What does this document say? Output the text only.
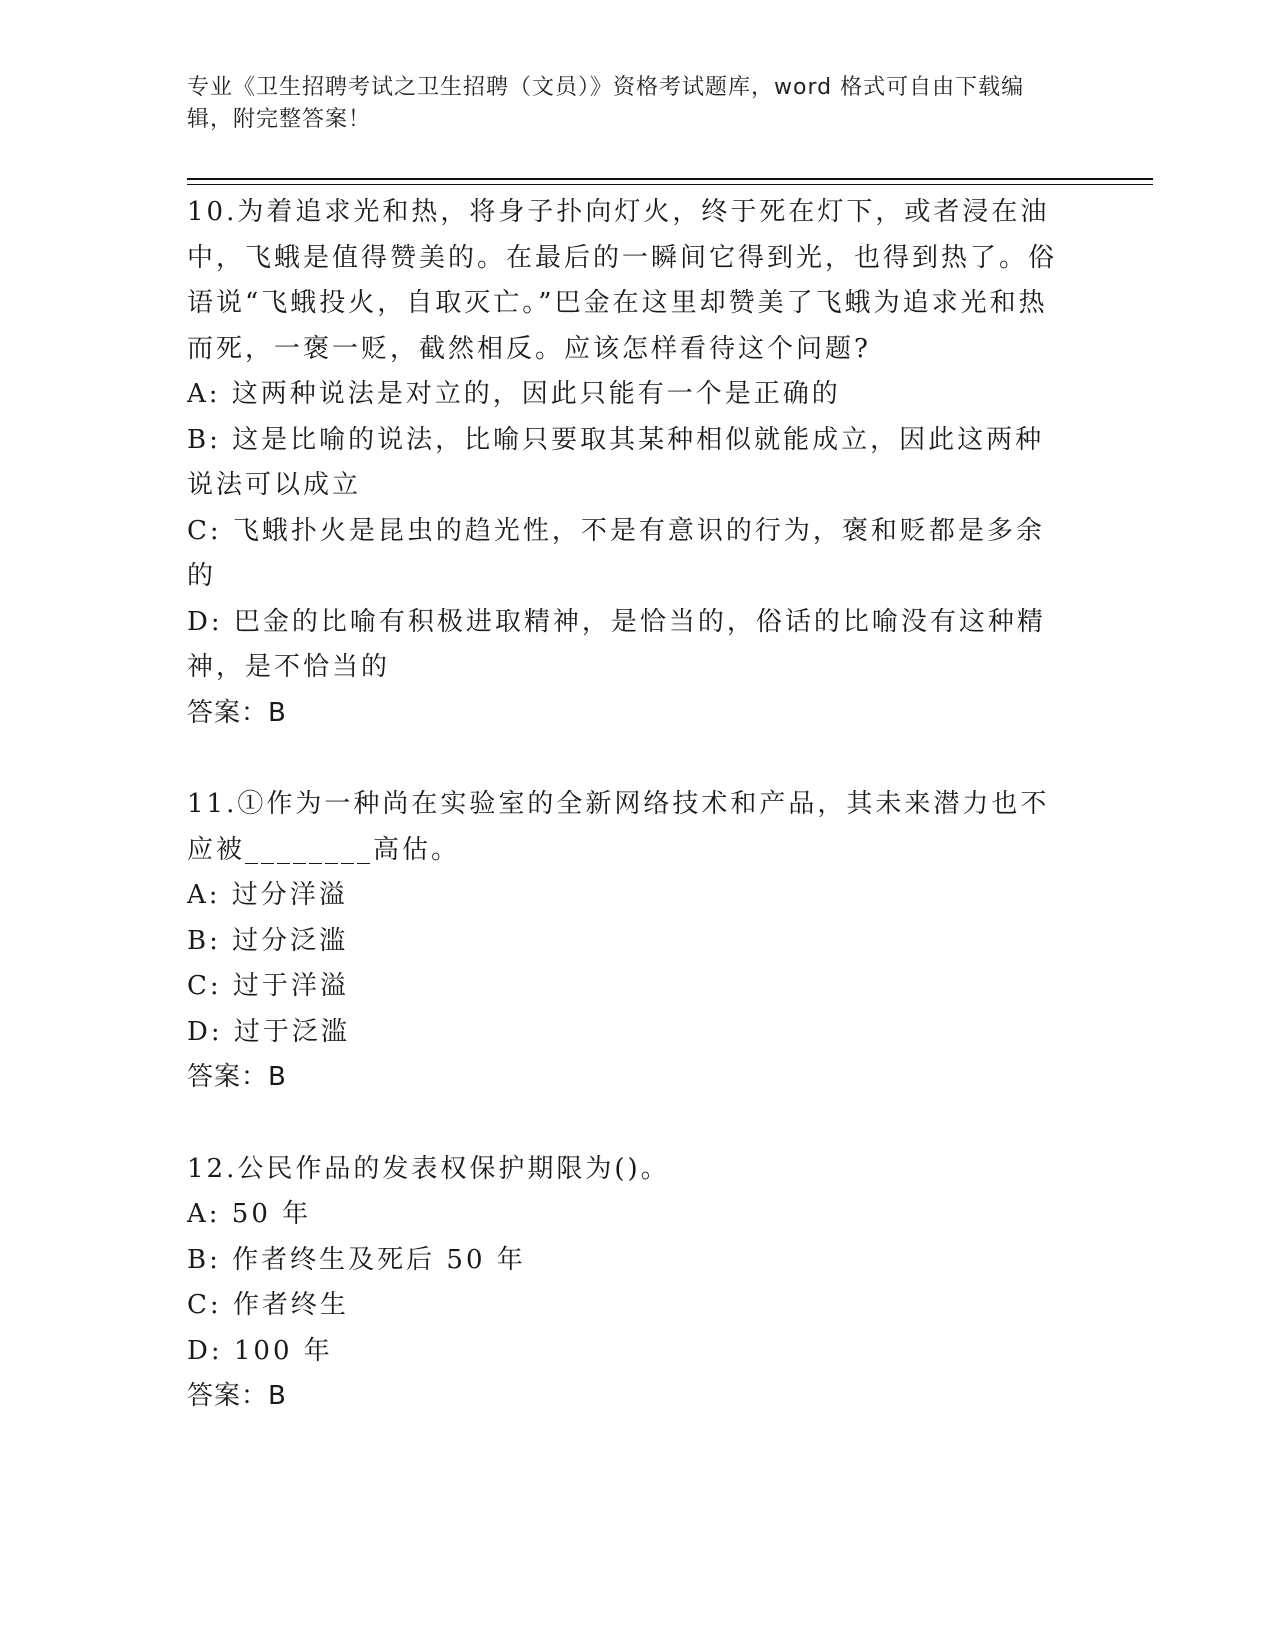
专业《卫生招聘考试之卫生招聘（文员）》资格考试题库，word 格式可自由下载编辑，附完整答案！

10.为着追求光和热，将身子扑向灯火，终于死在灯下，或者浸在油中，飞蛾是值得赞美的。在最后的一瞬间它得到光，也得到热了。俗语说“飞蛾投火，自取灭亡。”巴金在这里却赞美了飞蛾为追求光和热而死，一褒一贬，截然相反。应该怎样看待这个问题?

A: 这两种说法是对立的，因此只能有一个是正确的

B: 这是比喻的说法，比喻只要取其某种相似就能成立，因此这两种说法可以成立

C: 飞蛾扑火是昆虫的趋光性，不是有意识的行为，褒和贬都是多余的

D: 巴金的比喻有积极进取精神，是恰当的，俗话的比喻没有这种精神，是不恰当的

答案：B

11.①作为一种尚在实验室的全新网络技术和产品，其未来潜力也不应被________高估。

A: 过分洋溢

B: 过分泛滥

C: 过于洋溢

D: 过于泛滥

答案：B

12.公民作品的发表权保护期限为()。

A: 50 年

B: 作者终生及死后 50 年

C: 作者终生

D: 100 年

答案：B
